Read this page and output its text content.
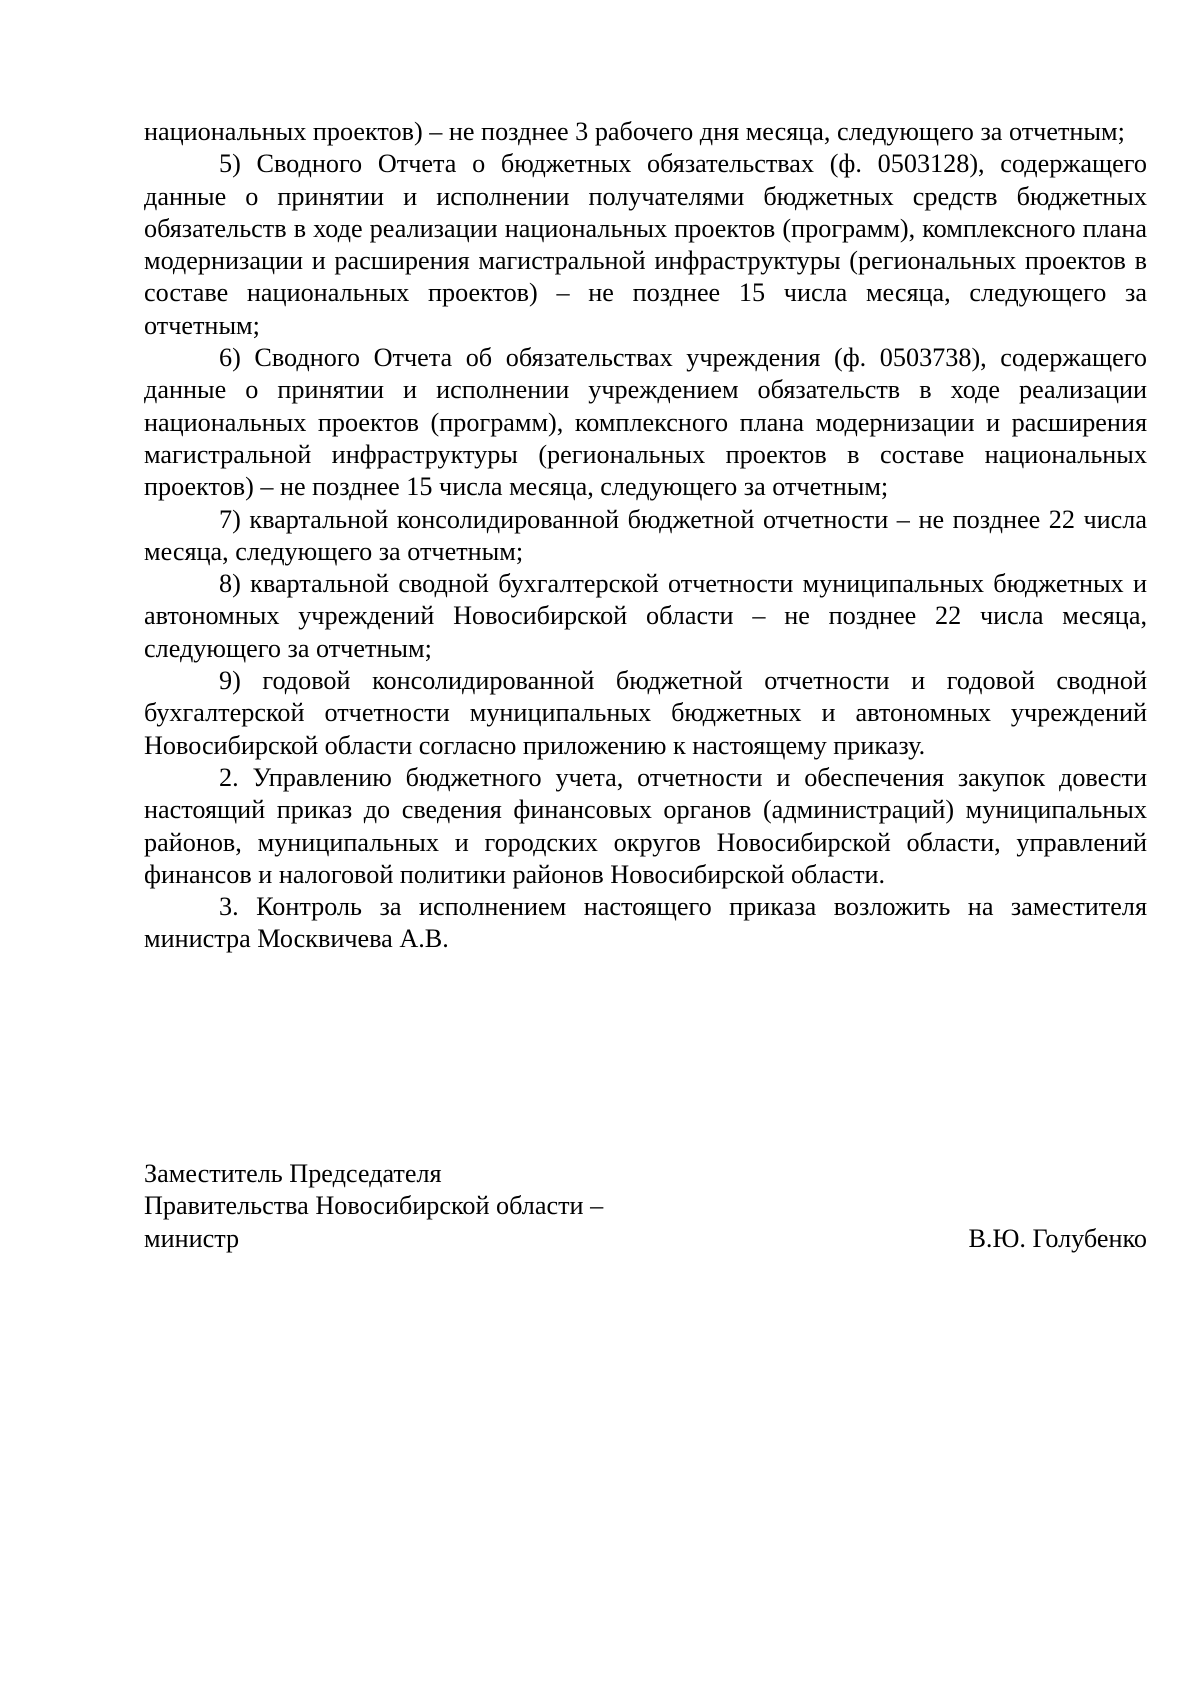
национальных проектов) – не позднее 3 рабочего дня месяца, следующего за отчетным;

5) Сводного Отчета о бюджетных обязательствах (ф. 0503128), содержащего данные о принятии и исполнении получателями бюджетных средств бюджетных обязательств в ходе реализации национальных проектов (программ), комплексного плана модернизации и расширения магистральной инфраструктуры (региональных проектов в составе национальных проектов) – не позднее 15 числа месяца, следующего за отчетным;

6) Сводного Отчета об обязательствах учреждения (ф. 0503738), содержащего данные о принятии и исполнении учреждением обязательств в ходе реализации национальных проектов (программ), комплексного плана модернизации и расширения магистральной инфраструктуры (региональных проектов в составе национальных проектов) – не позднее 15 числа месяца, следующего за отчетным;

7) квартальной консолидированной бюджетной отчетности – не позднее 22 числа месяца, следующего за отчетным;

8) квартальной сводной бухгалтерской отчетности муниципальных бюджетных и автономных учреждений Новосибирской области – не позднее 22 числа месяца, следующего за отчетным;

9) годовой консолидированной бюджетной отчетности и годовой сводной бухгалтерской отчетности муниципальных бюджетных и автономных учреждений Новосибирской области согласно приложению к настоящему приказу.

2. Управлению бюджетного учета, отчетности и обеспечения закупок довести настоящий приказ до сведения финансовых органов (администраций) муниципальных районов, муниципальных и городских округов Новосибирской области, управлений финансов и налоговой политики районов Новосибирской области.

3. Контроль за исполнением настоящего приказа возложить на заместителя министра Москвичева А.В.

Заместитель Председателя

Правительства Новосибирской области –

министр	В.Ю. Голубенко
